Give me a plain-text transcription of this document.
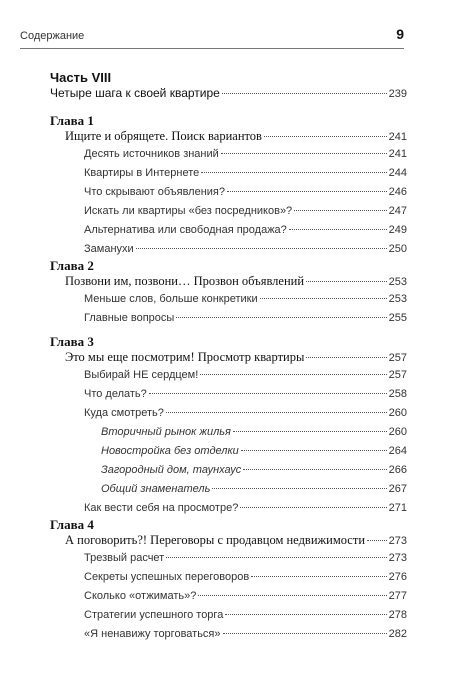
Содержание	9
Часть VIII
Четыре шага к своей квартире	239
Глава 1
Ищите и обрящете. Поиск вариантов	241
Десять источников знаний	241
Квартиры в Интернете	244
Что скрывают объявления?	246
Искать ли квартиры «без посредников»?	247
Альтернатива или свободная продажа?	249
Заманухи	250
Глава 2
Позвони им, позвони… Прозвон объявлений	253
Меньше слов, больше конкретики	253
Главные вопросы	255
Глава 3
Это мы еще посмотрим! Просмотр квартиры	257
Выбирай НЕ сердцем!	257
Что делать?	258
Куда смотреть?	260
Вторичный рынок жилья	260
Новостройка без отделки	264
Загородный дом, таунхаус	266
Общий знаменатель	267
Как вести себя на просмотре?	271
Глава 4
А поговорить?! Переговоры с продавцом недвижимости 273
Трезвый расчет	273
Секреты успешных переговоров	276
Сколько «отжимать»?	277
Стратегии успешного торга	278
«Я ненавижу торговаться»	282
